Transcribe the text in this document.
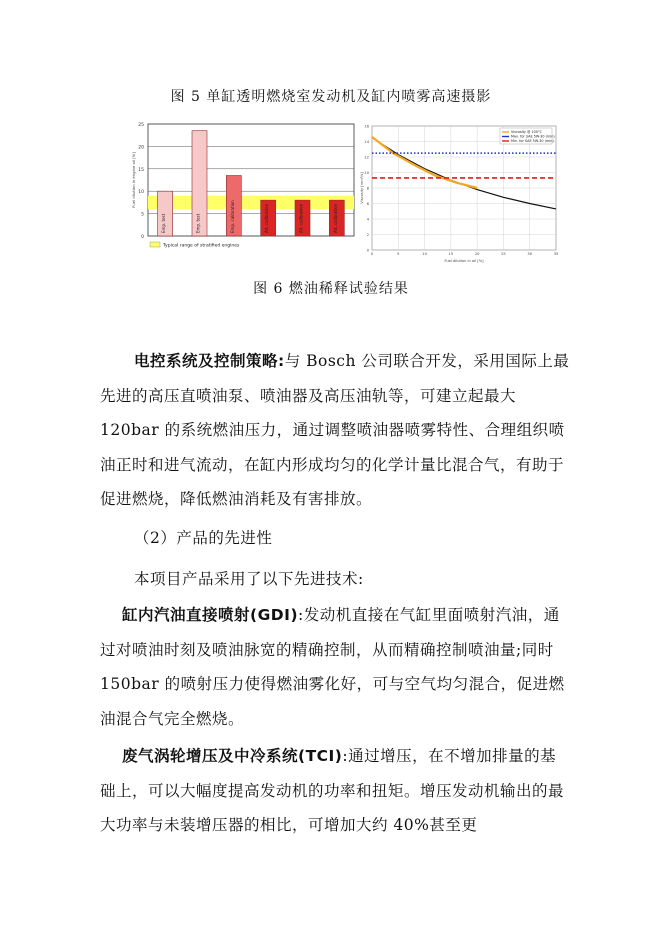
图 5 单缸透明燃烧室发动机及缸内喷雾高速摄影
0
5
10
15
20
25
Fuel dilution in engine oil [%]
Emp. test	Emp. test	Emp. calibration	Alt. calibration	Alt. calibration	Alt. calibration
Typical range of stratified engines
0	5	10	15	20	25	30	35
0
2
4
6
8
10
12
14
16
Fuel dilution in oil [%]
Viscosity [mm²/s]
Viscosity @ 100°C
Max. for SAE 5W-30 (min)
Min. for SAE 5W-30 (min)
图 6 燃油稀释试验结果
电控系统及控制策略:与 Bosch 公司联合开发，采用国际上最先进的高压直喷油泵、喷油器及高压油轨等，可建立起最大 120bar 的系统燃油压力，通过调整喷油器喷雾特性、合理组织喷油正时和进气流动，在缸内形成均匀的化学计量比混合气，有助于促进燃烧，降低燃油消耗及有害排放。
（2）产品的先进性
本项目产品采用了以下先进技术:
缸内汽油直接喷射(GDI):发动机直接在气缸里面喷射汽油，通过对喷油时刻及喷油脉宽的精确控制，从而精确控制喷油量;同时 150bar 的喷射压力使得燃油雾化好，可与空气均匀混合，促进燃油混合气完全燃烧。
废气涡轮增压及中冷系统(TCI):通过增压，在不增加排量的基础上，可以大幅度提高发动机的功率和扭矩。增压发动机输出的最大功率与未装增压器的相比，可增加大约 40%甚至更
